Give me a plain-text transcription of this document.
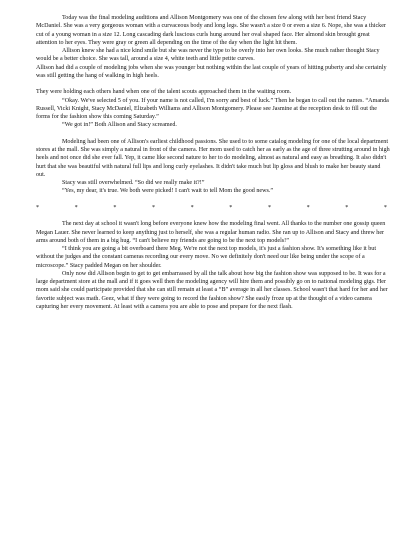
Today was the final modeling auditions and Allison Montgomery was one of the chosen few along with her best friend Stacy McDaniel. She was a very gorgeous woman with a curvaceous body and long legs. She wasn't a size 0 or even a size 6. Nope, she was a thicker cut of a young woman in a size 12. Long cascading dark luscious curls hung around her oval shaped face. Her almond skin brought great attention to her eyes. They were gray or green all depending on the time of the day when the light hit them.

Allison knew she had a nice kind smile but she was never the type to be overly into her own looks. She much rather thought Stacy would be a better choice. She was tall, around a size 4, white teeth and little petite curves.

Allison had did a couple of modeling jobs when she was younger but nothing within the last couple of years of hitting puberty and she certainly was still getting the hang of walking in high heels.

They were holding each others hand when one of the talent scouts approached them in the waiting room.

“Okay. We've selected 5 of you. If your name is not called, I'm sorry and best of luck.” Then he began to call out the names. “Amanda Russell, Vicki Knight, Stacy McDaniel, Elizabeth Williams and Allison Montgomery. Please see Jasmine at the reception desk to fill out the forms for the fashion show this coming Saturday.”

“We got in!” Both Allison and Stacy screamed.

Modeling had been one of Allison's earliest childhood passions. She used to to some catalog modeling for one of the local department stores at the mall. She was simply a natural in front of the camera. Her mom used to catch her as early as the age of three strutting around in high heels and not once did she ever fall. Yep, it came like second nature to her to do modeling, almost as natural and easy as breathing. It also didn't hurt that she was beautiful with natural full lips and long curly eyelashes. It didn't take much but lip gloss and blush to make her beauty stand out.

Stacy was still overwhelmed. “So did we really make it?!”

“Yes, my dear, it's true. We both were picked! I can't wait to tell Mom the good news.”

*	*	*	*	*	*	*	*	*	*

The next day at school it wasn't long before everyone knew how the modeling final went. All thanks to the number one gossip queen Megan Lauer. She never learned to keep anything just to herself, she was a regular human radio. She ran up to Allison and Stacy and threw her arms around both of them in a big hug. “I can't believe my friends are going to be the next top models!”

“I think you are going a bit overboard there Meg. We're not the next top models, it's just a fashion show. It's something like it but without the judges and the constant cameras recording our every move. No we definitely don't need our like being under the scope of a microscope.” Stacy padded Megan on her shoulder.

Only now did Allison begin to get to get embarrassed by all the talk about how big the fashion show was supposed to be. It was for a large department store at the mall and if it goes well then the modeling agency will hire them and possibly go on to national modeling gigs. Her mom said she could participate provided that she can still remain at least a “B” average in all her classes. School wasn't that hard for her and her favorite subject was math. Geez, what if they were going to record the fashion show? She easily froze up at the thought of a video camera capturing her every movement. At least with a camera you are able to pose and prepare for the next flash.
